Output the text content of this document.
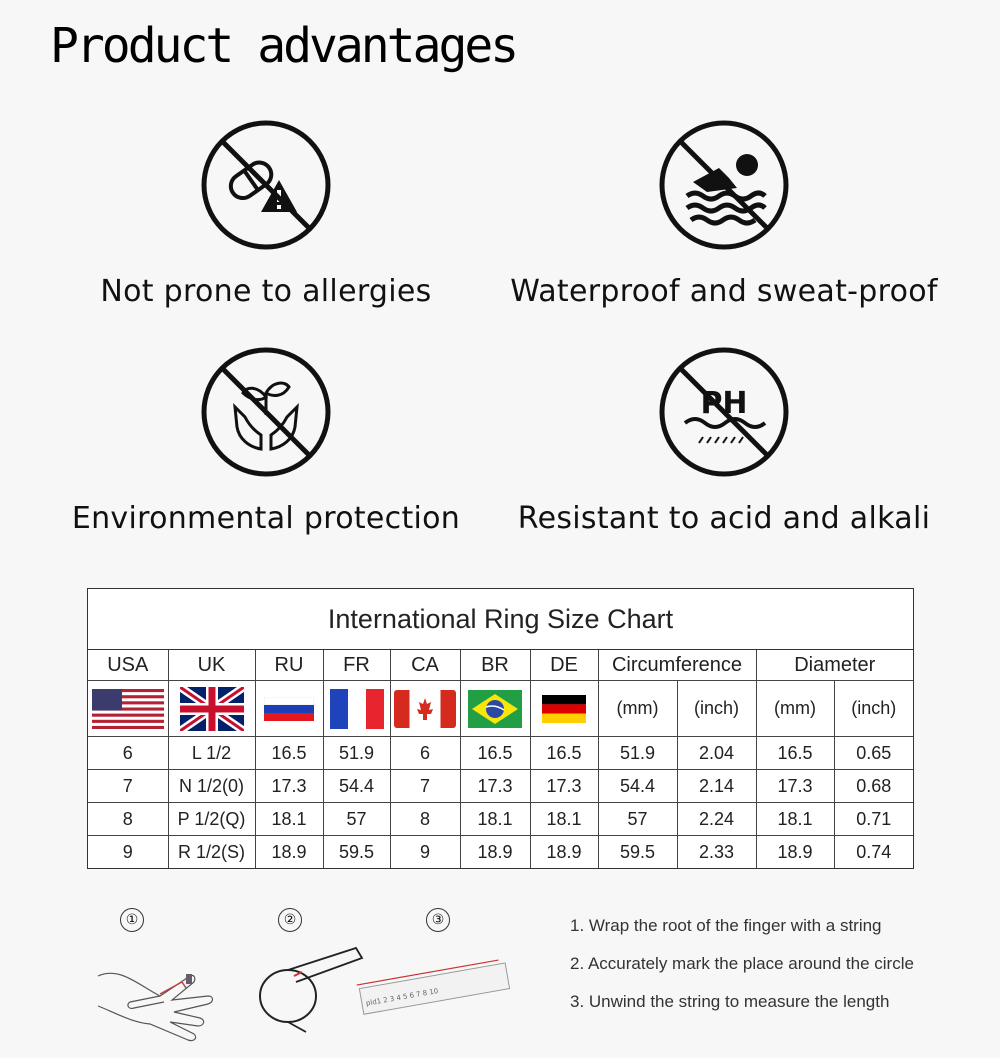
Product advantages
Not prone to allergies	Waterproof and sweat-proof
Environmental protection
PH
Resistant to acid and alkali
International Ring Size Chart
USA	UK	RU	FR	CA	BR	DE	Circumference		Diameter	
							(mm)	(inch)	(mm)	(inch)
6	L 1/2	16.5	51.9	6	16.5	16.5	51.9	2.04	16.5	0.65
7	N 1/2(0)	17.3	54.4	7	17.3	17.3	54.4	2.14	17.3	0.68
8	P 1/2(Q)	18.1	57	8	18.1	18.1	57	2.24	18.1	0.71
9	R 1/2(S)	18.9	59.5	9	18.9	18.9	59.5	2.33	18.9	0.74
①	②	③
pld1 2 3 4 5 6 7 8 10
1. Wrap the root of the finger with a string
2. Accurately mark the place around the circle
3. Unwind the string to measure the length
